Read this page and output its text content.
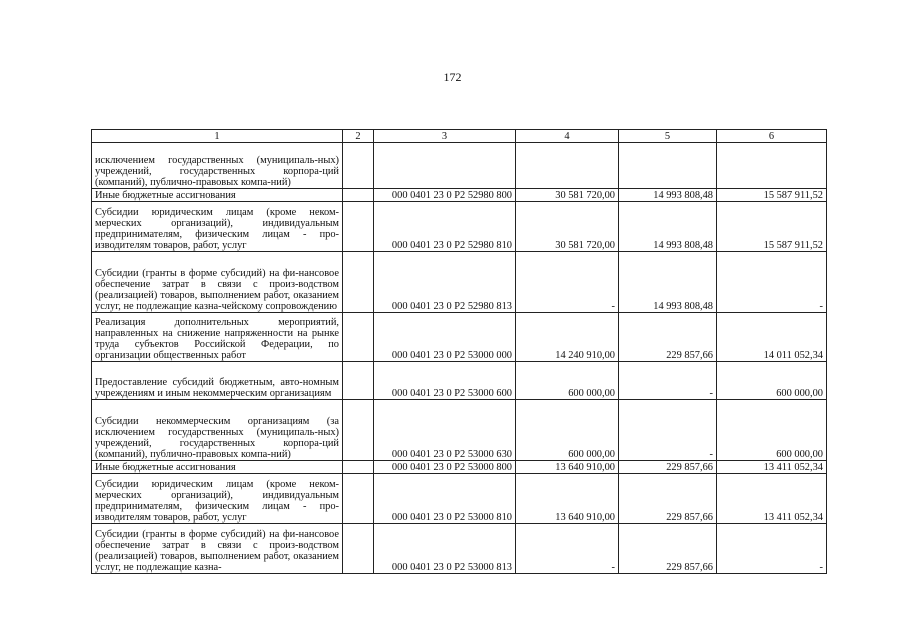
172
1	2	3	4	5	6
исключением государственных (муниципаль-ных) учреждений, государственных корпора-ций (компаний), публично-правовых компа-ний)					
Иные бюджетные ассигнования		000 0401 23 0 Р2 52980 800	30 581 720,00	14 993 808,48	15 587 911,52
Субсидии юридическим лицам (кроме неком-мерческих организаций), индивидуальным предпринимателям, физическим лицам - про-изводителям товаров, работ, услуг		000 0401 23 0 Р2 52980 810	30 581 720,00	14 993 808,48	15 587 911,52
Субсидии (гранты в форме субсидий) на фи-нансовое обеспечение затрат в связи с произ-водством (реализацией) товаров, выполнением работ, оказанием услуг, не подлежащие казна-чейскому сопровождению		000 0401 23 0 Р2 52980 813	-	14 993 808,48	-
Реализация дополнительных мероприятий, направленных на снижение напряженности на рынке труда субъектов Российской Федерации, по организации общественных работ		000 0401 23 0 Р2 53000 000	14 240 910,00	229 857,66	14 011 052,34
Предоставление субсидий бюджетным, авто-номным учреждениям и иным некоммерческим организациям		000 0401 23 0 Р2 53000 600	600 000,00	-	600 000,00
Субсидии некоммерческим организациям (за исключением государственных (муниципаль-ных) учреждений, государственных корпора-ций (компаний), публично-правовых компа-ний)		000 0401 23 0 Р2 53000 630	600 000,00	-	600 000,00
Иные бюджетные ассигнования		000 0401 23 0 Р2 53000 800	13 640 910,00	229 857,66	13 411 052,34
Субсидии юридическим лицам (кроме неком-мерческих организаций), индивидуальным предпринимателям, физическим лицам - про-изводителям товаров, работ, услуг		000 0401 23 0 Р2 53000 810	13 640 910,00	229 857,66	13 411 052,34
Субсидии (гранты в форме субсидий) на фи-нансовое обеспечение затрат в связи с произ-водством (реализацией) товаров, выполнением работ, оказанием услуг, не подлежащие казна-		000 0401 23 0 Р2 53000 813	-	229 857,66	-
